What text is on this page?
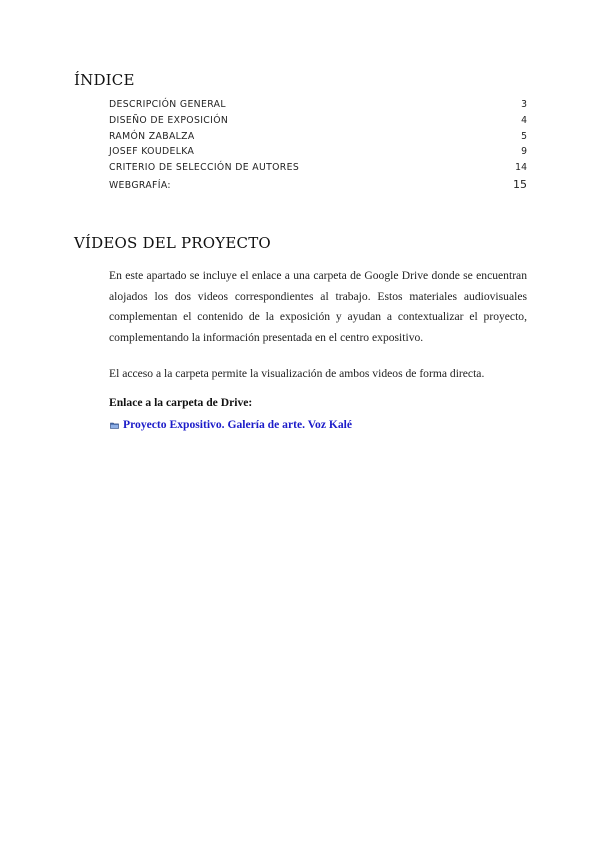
ÍNDICE
DESCRIPCIÓN GENERAL	3
DISEÑO DE EXPOSICIÓN	4
RAMÓN ZABALZA	5
JOSEF KOUDELKA	9
CRITERIO DE SELECCIÓN DE AUTORES	14
WEBGRAFÍA:	15
VÍDEOS DEL PROYECTO

En este apartado se incluye el enlace a una carpeta de Google Drive donde se encuentran alojados los dos videos correspondientes al trabajo. Estos materiales audiovisuales complementan el contenido de la exposición y ayudan a contextualizar el proyecto, complementando la información presentada en el centro expositivo.

El acceso a la carpeta permite la visualización de ambos videos de forma directa.

Enlace a la carpeta de Drive:

Proyecto Expositivo. Galería de arte. Voz Kalé
